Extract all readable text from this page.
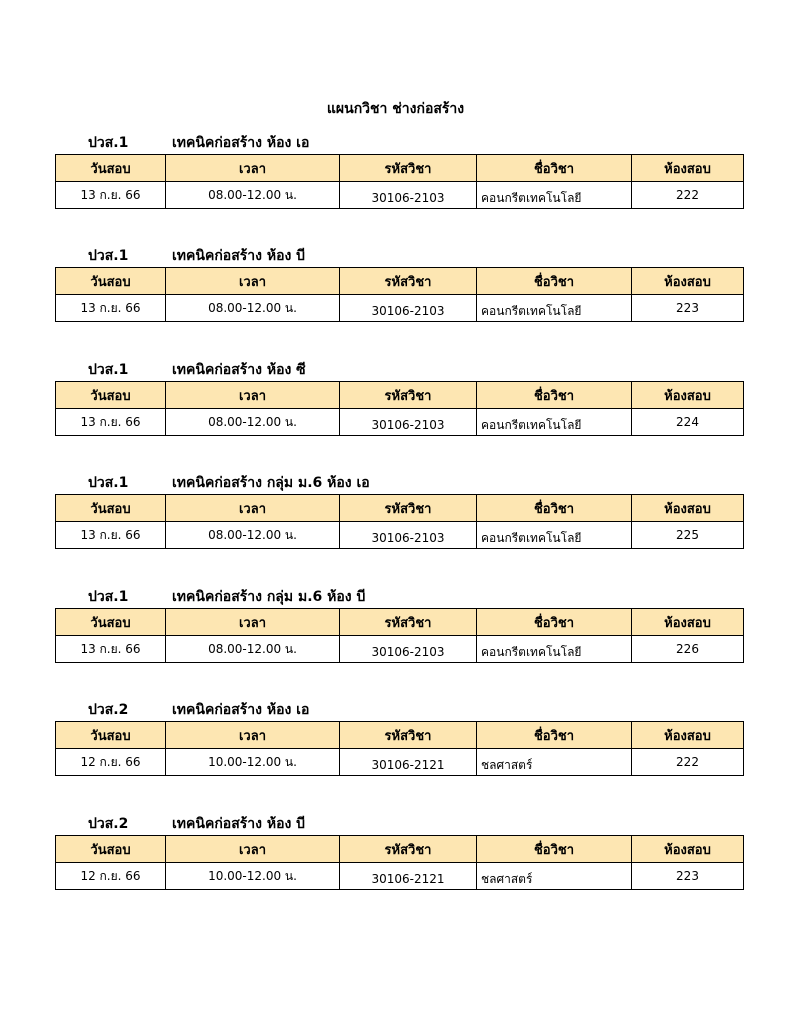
แผนกวิชา ช่างก่อสร้าง
ปวส.1	เทคนิคก่อสร้าง ห้อง เอ
วันสอบ	เวลา	รหัสวิชา	ชื่อวิชา	ห้องสอบ
13 ก.ย. 66	08.00-12.00 น.	30106-2103	คอนกรีตเทคโนโลยี	222
ปวส.1	เทคนิคก่อสร้าง ห้อง บี
วันสอบ	เวลา	รหัสวิชา	ชื่อวิชา	ห้องสอบ
13 ก.ย. 66	08.00-12.00 น.	30106-2103	คอนกรีตเทคโนโลยี	223
ปวส.1	เทคนิคก่อสร้าง ห้อง ซี
วันสอบ	เวลา	รหัสวิชา	ชื่อวิชา	ห้องสอบ
13 ก.ย. 66	08.00-12.00 น.	30106-2103	คอนกรีตเทคโนโลยี	224
ปวส.1	เทคนิคก่อสร้าง กลุ่ม ม.6 ห้อง เอ
วันสอบ	เวลา	รหัสวิชา	ชื่อวิชา	ห้องสอบ
13 ก.ย. 66	08.00-12.00 น.	30106-2103	คอนกรีตเทคโนโลยี	225
ปวส.1	เทคนิคก่อสร้าง กลุ่ม ม.6 ห้อง บี
วันสอบ	เวลา	รหัสวิชา	ชื่อวิชา	ห้องสอบ
13 ก.ย. 66	08.00-12.00 น.	30106-2103	คอนกรีตเทคโนโลยี	226
ปวส.2	เทคนิคก่อสร้าง ห้อง เอ
วันสอบ	เวลา	รหัสวิชา	ชื่อวิชา	ห้องสอบ
12 ก.ย. 66	10.00-12.00 น.	30106-2121	ชลศาสตร์	222
ปวส.2	เทคนิคก่อสร้าง ห้อง บี
วันสอบ	เวลา	รหัสวิชา	ชื่อวิชา	ห้องสอบ
12 ก.ย. 66	10.00-12.00 น.	30106-2121	ชลศาสตร์	223
